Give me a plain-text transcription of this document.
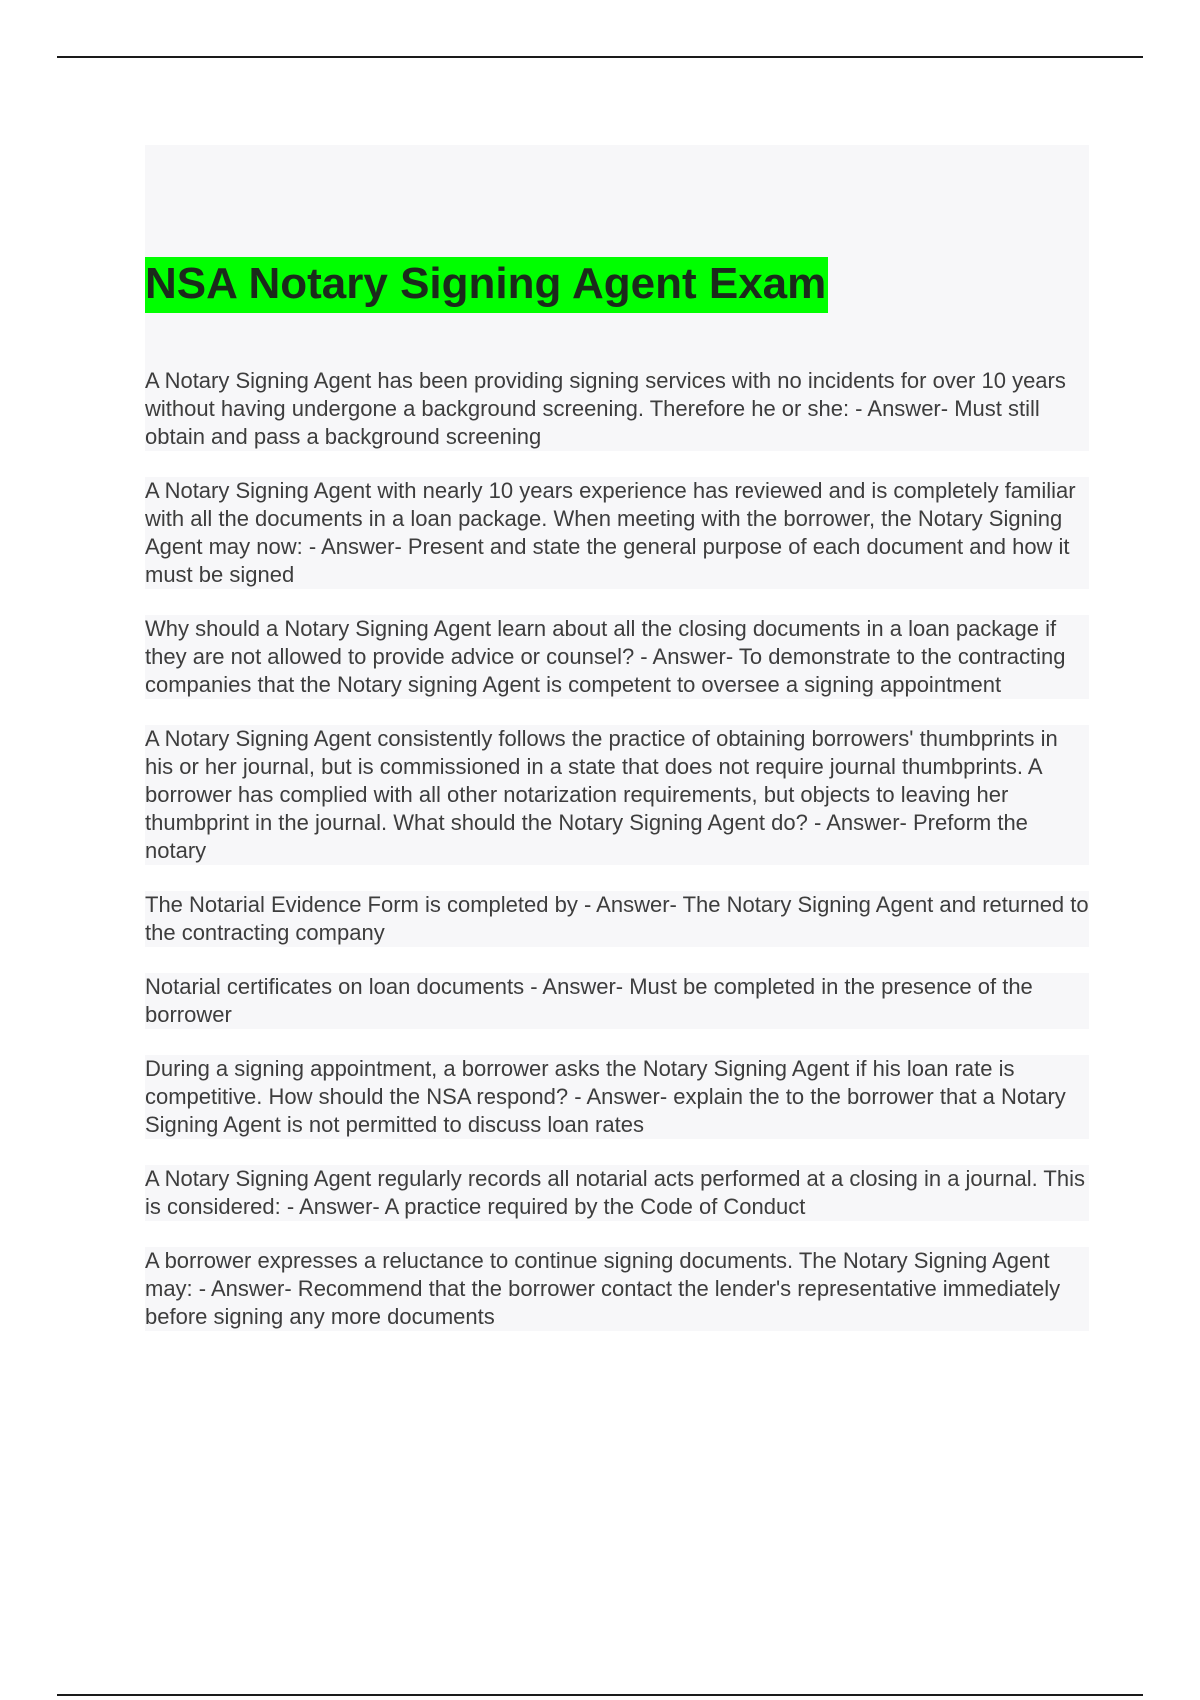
NSA Notary Signing Agent Exam

A Notary Signing Agent has been providing signing services with no incidents for over 10 years without having undergone a background screening. Therefore he or she: - Answer- Must still obtain and pass a background screening

A Notary Signing Agent with nearly 10 years experience has reviewed and is completely familiar with all the documents in a loan package. When meeting with the borrower, the Notary Signing Agent may now: - Answer- Present and state the general purpose of each document and how it must be signed

Why should a Notary Signing Agent learn about all the closing documents in a loan package if they are not allowed to provide advice or counsel? - Answer- To demonstrate to the contracting companies that the Notary signing Agent is competent to oversee a signing appointment

A Notary Signing Agent consistently follows the practice of obtaining borrowers' thumbprints in his or her journal, but is commissioned in a state that does not require journal thumbprints. A borrower has complied with all other notarization requirements, but objects to leaving her thumbprint in the journal. What should the Notary Signing Agent do? - Answer- Preform the notary

The Notarial Evidence Form is completed by - Answer- The Notary Signing Agent and returned to the contracting company

Notarial certificates on loan documents - Answer- Must be completed in the presence of the borrower

During a signing appointment, a borrower asks the Notary Signing Agent if his loan rate is competitive. How should the NSA respond? - Answer- explain the to the borrower that a Notary Signing Agent is not permitted to discuss loan rates

A Notary Signing Agent regularly records all notarial acts performed at a closing in a journal. This is considered: - Answer- A practice required by the Code of Conduct

A borrower expresses a reluctance to continue signing documents. The Notary Signing Agent may: - Answer- Recommend that the borrower contact the lender's representative immediately before signing any more documents
